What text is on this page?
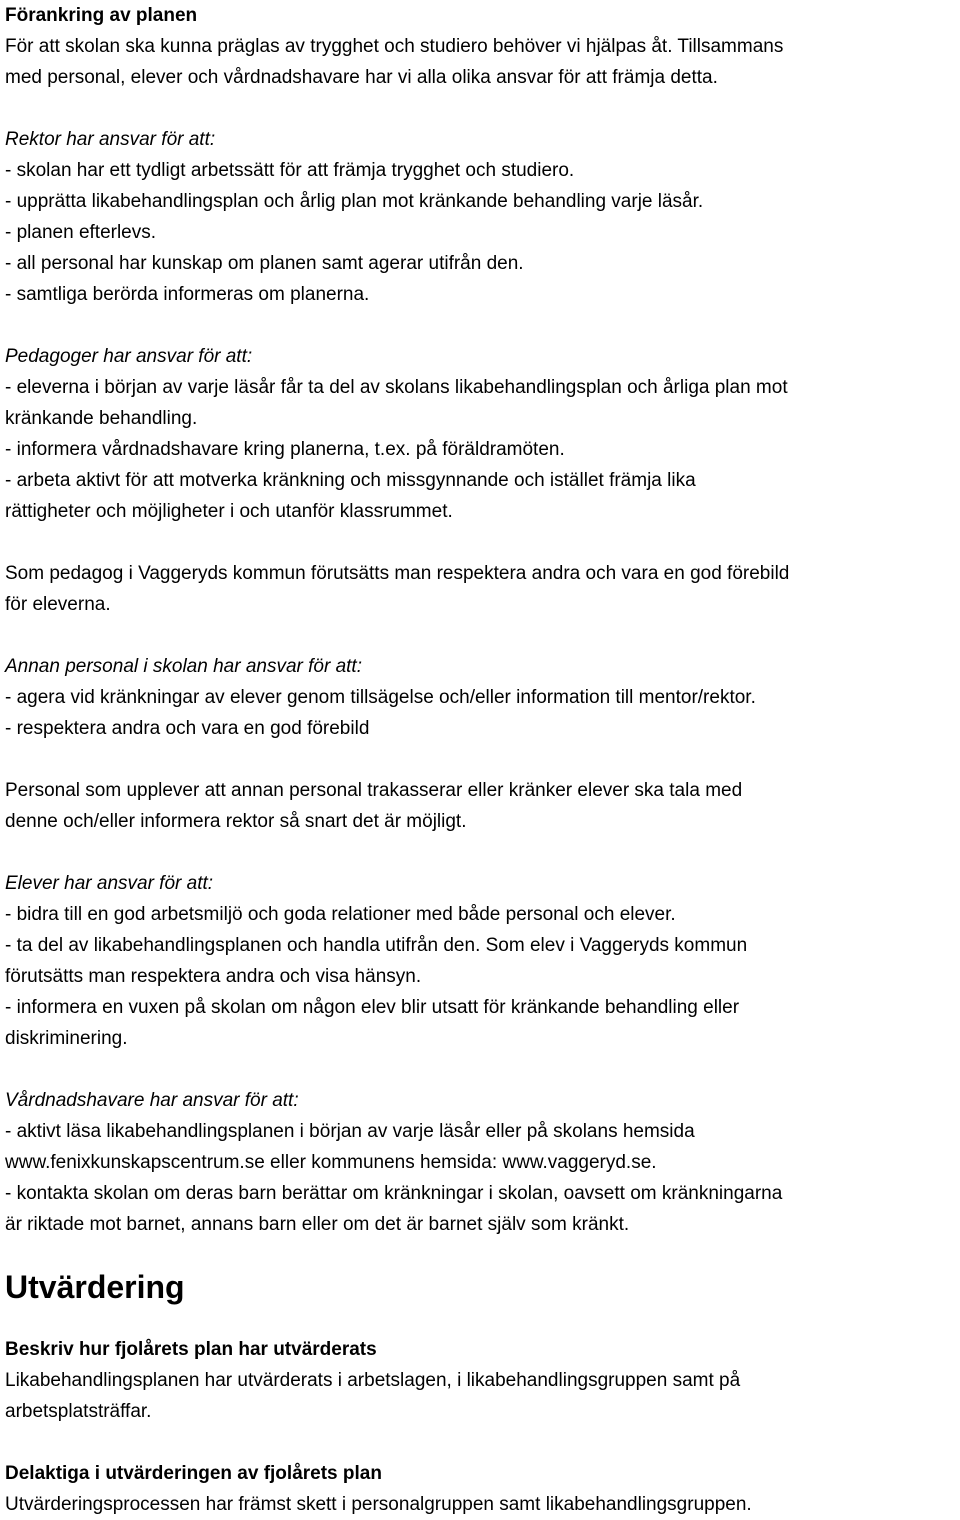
Förankring av planen
För att skolan ska kunna präglas av trygghet och studiero behöver vi hjälpas åt. Tillsammans
med personal, elever och vårdnadshavare har vi alla olika ansvar för att främja detta.
Rektor har ansvar för att:
- skolan har ett tydligt arbetssätt för att främja trygghet och studiero.
- upprätta likabehandlingsplan och årlig plan mot kränkande behandling varje läsår.
- planen efterlevs.
- all personal har kunskap om planen samt agerar utifrån den.
- samtliga berörda informeras om planerna.
Pedagoger har ansvar för att:
- eleverna i början av varje läsår får ta del av skolans likabehandlingsplan och årliga plan mot
kränkande behandling.
- informera vårdnadshavare kring planerna, t.ex. på föräldramöten.
- arbeta aktivt för att motverka kränkning och missgynnande och istället främja lika
rättigheter och möjligheter i och utanför klassrummet.
Som pedagog i Vaggeryds kommun förutsätts man respektera andra och vara en god förebild
för eleverna.
Annan personal i skolan har ansvar för att:
- agera vid kränkningar av elever genom tillsägelse och/eller information till mentor/rektor.
- respektera andra och vara en god förebild
Personal som upplever att annan personal trakasserar eller kränker elever ska tala med
denne och/eller informera rektor så snart det är möjligt.
Elever har ansvar för att:
- bidra till en god arbetsmiljö och goda relationer med både personal och elever.
- ta del av likabehandlingsplanen och handla utifrån den. Som elev i Vaggeryds kommun
förutsätts man respektera andra och visa hänsyn.
- informera en vuxen på skolan om någon elev blir utsatt för kränkande behandling eller
diskriminering.
Vårdnadshavare har ansvar för att:
- aktivt läsa likabehandlingsplanen i början av varje läsår eller på skolans hemsida
www.fenixkunskapscentrum.se eller kommunens hemsida: www.vaggeryd.se.
- kontakta skolan om deras barn berättar om kränkningar i skolan, oavsett om kränkningarna
är riktade mot barnet, annans barn eller om det är barnet själv som kränkt.
Utvärdering
Beskriv hur fjolårets plan har utvärderats
Likabehandlingsplanen har utvärderats i arbetslagen, i likabehandlingsgruppen samt på
arbetsplatsträffar.
Delaktiga i utvärderingen av fjolårets plan
Utvärderingsprocessen har främst skett i personalgruppen samt likabehandlingsgruppen.
